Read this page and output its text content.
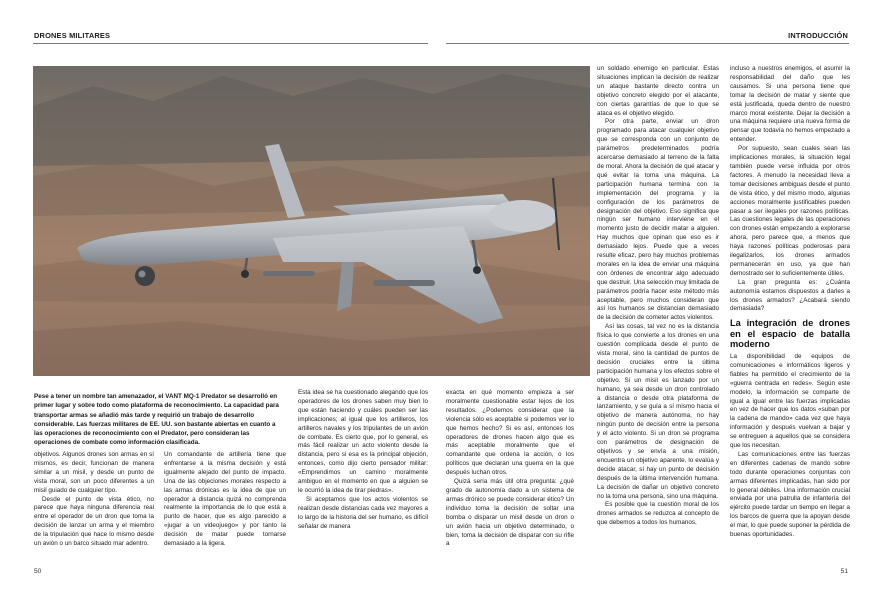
DRONES MILITARES	INTRODUCCIÓN
Pese a tener un nombre tan amenazador, el VANT MQ-1 Predator se desarrolló en primer lugar y sobre todo como plataforma de reconocimiento. La capacidad para transportar armas se añadió más tarde y requirió un trabajo de desarrollo considerable. Las fuerzas militares de EE. UU. son bastante abiertas en cuanto a las operaciones de reconocimiento con el Predator, pero consideran las operaciones de combate como información clasificada.

objetivos. Algunos drones son armas en sí mismos, es decir, funcionan de manera similar a un misil, y desde un punto de vista moral, son un poco diferentes a un misil guiado de cualquier tipo.

Desde el punto de vista ético, no parece que haya ninguna diferencia real entre el operador de un dron que toma la decisión de lanzar un arma y el miembro de la tripulación que hace lo mismo desde un avión o un barco situado mar adentro.

Un comandante de artillería tiene que enfrentarse a la misma decisión y está igualmente alejado del punto de impacto. Una de las objeciones morales respecto a las armas drónicas es la idea de que un operador a distancia quizá no comprenda realmente la importancia de lo que está a punto de hacer, que es algo parecido a «jugar a un videojuego» y por tanto la decisión de matar puede tornarse demasiado a la ligera.

Esta idea se ha cuestionado alegando que los operadores de los drones saben muy bien lo que están haciendo y cuáles pueden ser las implicaciones; al igual que los artilleros, los artilleros navales y los tripulantes de un avión de combate. Es cierto que, por lo general, es más fácil realizar un acto violento desde la distancia, pero si esa es la principal objeción, entonces, como dijo cierto pensador militar: «Emprendimos un camino moralmente ambiguo en el momento en que a alguien se le ocurrió la idea de tirar piedras».

Si aceptamos que los actos violentos se realizan desde distancias cada vez mayores a lo largo de la historia del ser humano, es difícil señalar de manera

exacta en qué momento empieza a ser moralmente cuestionable estar lejos de los resultados. ¿Podemos considerar que la violencia sólo es aceptable si podemos ver lo que hemos hecho? Si es así, entonces los operadores de drones hacen algo que es más aceptable moralmente que el comandante que ordena la acción, o los políticos que declaran una guerra en la que después luchan otros.

Quizá sería más útil otra pregunta: ¿qué grado de autonomía dado a un sistema de armas drónico se puede considerar ético? Un individuo toma la decisión de soltar una bomba o disparar un misil desde un dron o un avión hacia un objetivo determinado, o bien, toma la decisión de disparar con su rifle a

un soldado enemigo en particular. Estas situaciones implican la decisión de realizar un ataque bastante directo contra un objetivo concreto elegido por el atacante, con ciertas garantías de que lo que se ataca es el objetivo elegido.

Por otra parte, enviar un dron programado para atacar cualquier objetivo que se corresponda con un conjunto de parámetros predeterminados podría acercarse demasiado al terreno de la falta de moral. Ahora la decisión de qué atacar y qué evitar la toma una máquina. La participación humana termina con la implementación del programa y la configuración de los parámetros de designación del objetivo. Eso significa que ningún ser humano interviene en el momento justo de decidir matar a alguien. Hay muchos que opinan que eso es ir demasiado lejos. Puede que a veces resulte eficaz, pero hay muchos problemas morales en la idea de enviar una máquina con órdenes de encontrar algo adecuado que destruir. Una selección muy limitada de parámetros podría hacer este método más aceptable, pero muchos consideran que así los humanos se distancian demasiado de la decisión de cometer actos violentos.

Así las cosas, tal vez no es la distancia física lo que convierte a los drones en una cuestión complicada desde el punto de vista moral, sino la cantidad de puntos de decisión cruciales entre la última participación humana y los efectos sobre el objetivo. Si un misil es lanzado por un humano, ya sea desde un dron controlado a distancia o desde otra plataforma de lanzamiento, y se guía a sí mismo hacia el objetivo de manera autónoma, no hay ningún punto de decisión entre la persona y el acto violento. Si un dron se programa con parámetros de designación de objetivos y se envía a una misión, encuentra un objetivo aparente, lo evalúa y decide atacar, sí hay un punto de decisión después de la última intervención humana. La decisión de dañar un objetivo concreto no la toma una persona, sino una máquina.

Es posible que la cuestión moral de los drones armados se reduzca al concepto de que debemos a todos los humanos,

incluso a nuestros enemigos, el asumir la responsabilidad del daño que les causamos. Si una persona tiene que tomar la decisión de matar y siente que está justificada, queda dentro de nuestro marco moral existente. Dejar la decisión a una máquina requiere una nueva forma de pensar que todavía no hemos empezado a entender.

Por supuesto, sean cuales sean las implicaciones morales, la situación legal también puede verse influida por otros factores. A menudo la necesidad lleva a tomar decisiones ambiguas desde el punto de vista ético, y del mismo modo, algunas acciones moralmente justificables pueden pasar a ser ilegales por razones políticas. Las cuestiones legales de las operaciones con drones están empezando a explorarse ahora, pero parece que, a menos que haya razones políticas poderosas para ilegalizarlos, los drones armados permanecerán en uso, ya que han demostrado ser lo suficientemente útiles.

La gran pregunta es: ¿Cuánta autonomía estamos dispuestos a darles a los drones armados? ¿Acabará siendo demasiada?

La integración de drones en el espacio de batalla moderno

La disponibilidad de equipos de comunicaciones e informáticos ligeros y fiables ha permitido el crecimiento de la «guerra centrada en redes». Según este modelo, la información se comparte de igual a igual entre las fuerzas implicadas en vez de hacer que los datos «suban por la cadena de mando» cada vez que haya información y después vuelvan a bajar y se entreguen a aquellos que se considera que los necesitan.

Las comunicaciones entre las fuerzas en diferentes cadenas de mando sobre todo durante operaciones conjuntas con armas diferentes implicadas, han sido por lo general débiles. Una información crucial enviada por una patrulla de infantería del ejército puede tardar un tiempo en llegar a los barcos de guerra que la apoyan desde el mar, lo que puede suponer la pérdida de buenas oportunidades.

50	51
